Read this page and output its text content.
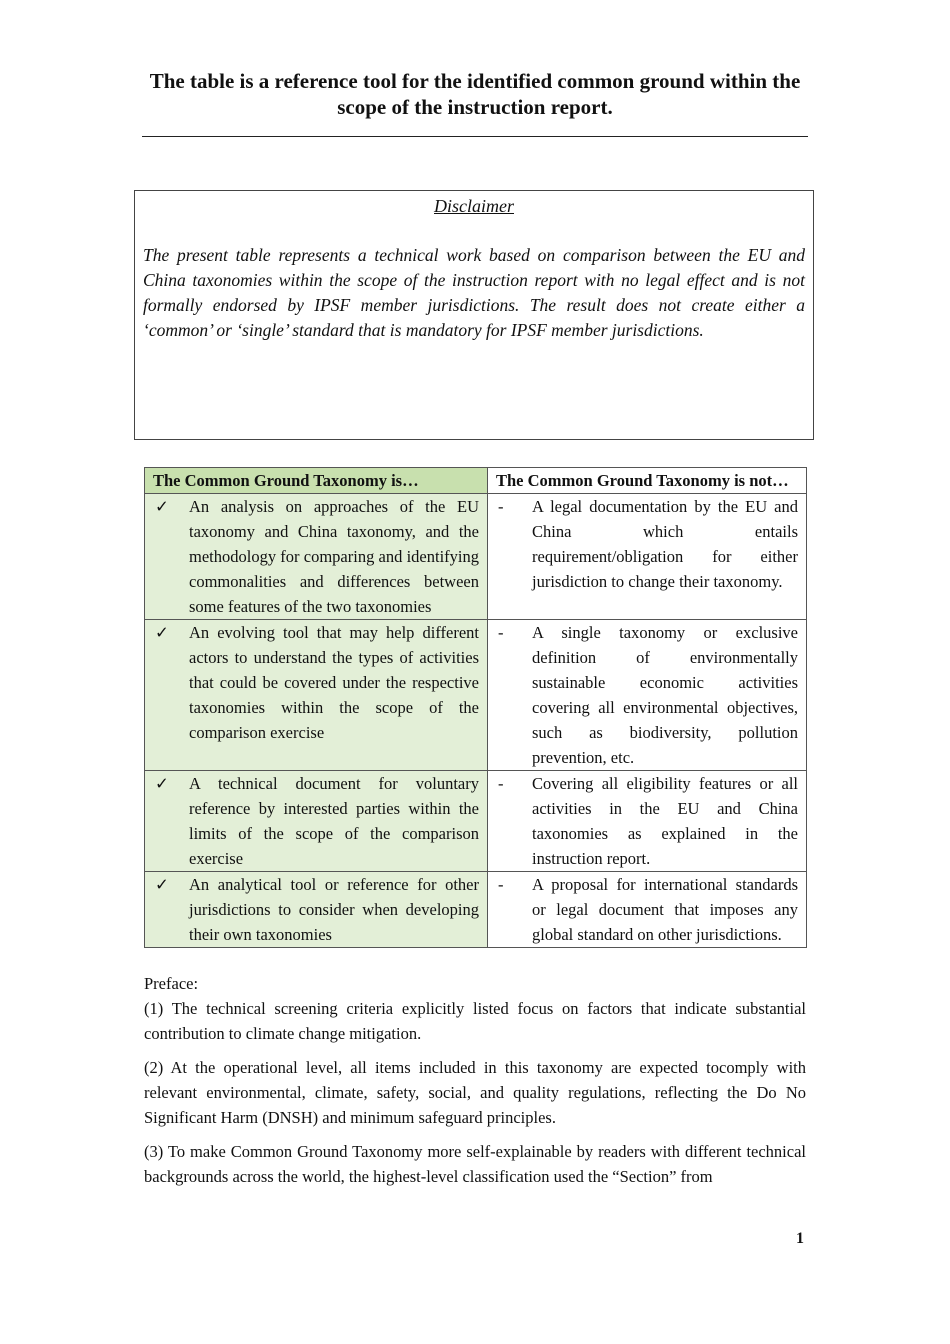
The table is a reference tool for the identified common ground within the scope of the instruction report.
Disclaimer
The present table represents a technical work based on comparison between the EU and China taxonomies within the scope of the instruction report with no legal effect and is not formally endorsed by IPSF member jurisdictions. The result does not create either a ‘common’ or ‘single’ standard that is mandatory for IPSF member jurisdictions.
The Common Ground Taxonomy is…	The Common Ground Taxonomy is not…

✓ An analysis on approaches of the EU taxonomy and China taxonomy, and the methodology for comparing and identifying commonalities and differences between some features of the two taxonomies	- A legal documentation by the EU and China which entails requirement/obligation for either jurisdiction to change their taxonomy.

✓ An evolving tool that may help different actors to understand the types of activities that could be covered under the respective taxonomies within the scope of the comparison exercise	- A single taxonomy or exclusive definition of environmentally sustainable economic activities covering all environmental objectives, such as biodiversity, pollution prevention, etc.

✓ A technical document for voluntary reference by interested parties within the limits of the scope of the comparison exercise	- Covering all eligibility features or all activities in the EU and China taxonomies as explained in the instruction report.

✓ An analytical tool or reference for other jurisdictions to consider when developing their own taxonomies	- A proposal for international standards or legal document that imposes any global standard on other jurisdictions.

Preface:

(1) The technical screening criteria explicitly listed focus on factors that indicate substantial contribution to climate change mitigation.

(2) At the operational level, all items included in this taxonomy are expected tocomply with relevant environmental, climate, safety, social, and quality regulations, reflecting the Do No Significant Harm (DNSH) and minimum safeguard principles.

(3) To make Common Ground Taxonomy more self-explainable by readers with different technical backgrounds across the world, the highest-level classification used the “Section” from

1
